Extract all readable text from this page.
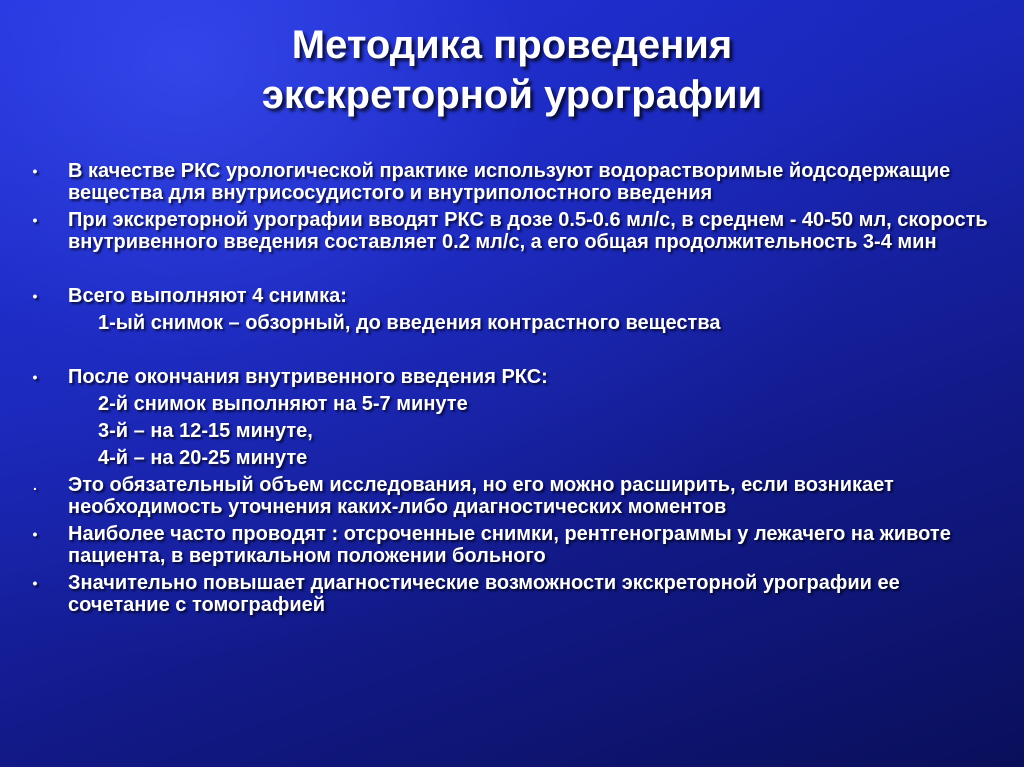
Методика проведения
экскреторной урографии
• В качестве РКС урологической практике используют водорастворимые йодсодержащие вещества для внутрисосудистого и внутриполостного введения
• При экскреторной урографии вводят РКС в дозе 0.5-0.6 мл/с, в среднем - 40-50 мл, скорость внутривенного введения составляет 0.2 мл/с, а его общая продолжительность 3-4 мин
• Всего выполняют 4 снимка:
1-ый снимок – обзорный, до введения контрастного вещества
• После окончания внутривенного введения РКС:
2-й снимок выполняют на 5-7 минуте
3-й – на 12-15 минуте,
4-й – на 20-25 минуте
. Это обязательный объем исследования, но его можно расширить, если возникает необходимость уточнения каких-либо диагностических моментов
• Наиболее часто проводят : отсроченные снимки, рентгенограммы у лежачего на животе пациента, в вертикальном положении больного
• Значительно повышает диагностические возможности экскреторной урографии ее сочетание с томографией
